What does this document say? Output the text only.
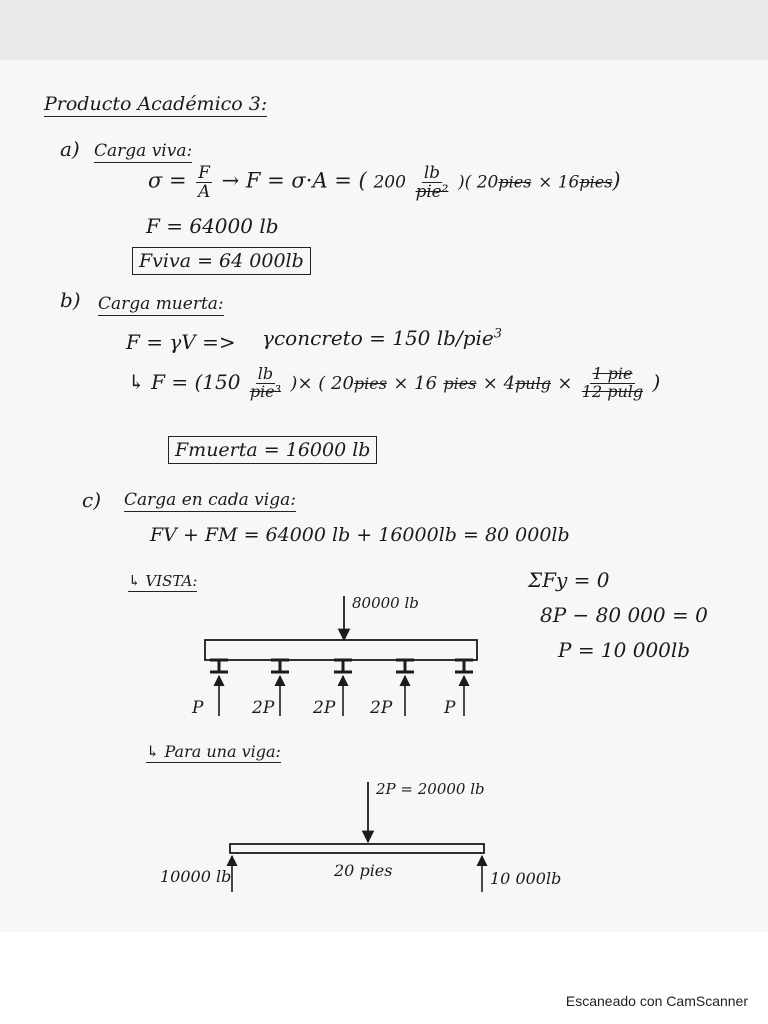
Producto Académico 3:
a) Carga viva:
$\sigma = \frac{F}{A} \to F = \sigma\cdot A$ = ( $200 \frac{lb}{\text{pie²}}$ )( 20pies × 16pies)
F = 64000 lb
Fviva = 64 000lb
b) Carga muerta:
F = γV => γconcreto = 150 lb/pie$^3$
↳ $F = (150 \frac{lb}{\text{pie³}}$ )× ( 20pies × 16 pies × $4pulg \times \frac{\text{1 pie}}{12 pulg}$ )
Fmuerta = 16000 lb
c) Carga en cada viga:
FV + FM = 64000 lb + 16000lb = 80 000lb
↳ VISTA:	ΣFy = 0
8P − 80 000 = 0
P = 10 000lb
↳ Para una viga:
Escaneado con CamScanner
80000 lb
P	2P 2P 2P	P
2P = 20000 lb
10000 lb	10 000lb
20 pies
